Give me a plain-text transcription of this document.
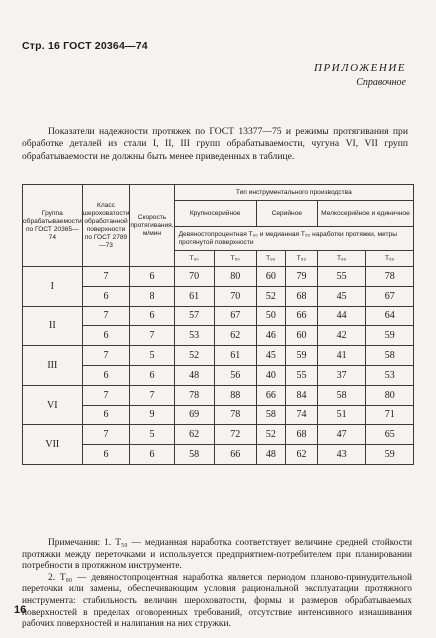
Стр. 16 ГОСТ 20364—74
ПРИЛОЖЕНИЕ
Справочное
Показатели надежности протяжек по ГОСТ 13377—75 и режимы протягивания при обработке деталей из стали I, II, III групп обрабатываемости, чугуна VI, VII групп обрабатываемости не должны быть менее приведенных в таблице.
Группа обрабатываемости по ГОСТ 20365—74	Класс шероховатости обработанной поверхности по ГОСТ 2789—73	Скорость протягивания, м/мин	Тип инструментального производства					
			Крупносерийное		Серийное		Мелкосерийное и единичное	
			Девяностопроцентная T₉₀ и медианная T₅₀ наработки протяжки, метры протянутой поверхности					
			T₉₀	T₅₀	T₉₀	T₅₀	T₉₀	T₅₀
I	7	6	70	80	60	79	55	78
	6	8	61	70	52	68	45	67
II	7	6	57	67	50	66	44	64
	6	7	53	62	46	60	42	59
III	7	5	52	61	45	59	41	58
	6	6	48	56	40	55	37	53
VI	7	7	78	88	66	84	58	80
	6	9	69	78	58	74	51	71
VII	7	5	62	72	52	68	47	65
	6	6	58	66	48	62	43	59

Примечания: 1. T₅₀ — медианная наработка соответствует величине средней стойкости протяжки между переточками и используется предприятием-потребителем при планировании потребности в протяжном инструменте.

2. T₉₀ — девяностопроцентная наработка является периодом планово-принудительной переточки или замены, обеспечивающим условия рациональной эксплуатации протяжного инструмента: стабильность величин шероховатости, формы и размеров обрабатываемых поверхностей в пределах оговоренных требований, отсутствие интенсивного изнашивания рабочих поверхностей и налипания на них стружки.

16
